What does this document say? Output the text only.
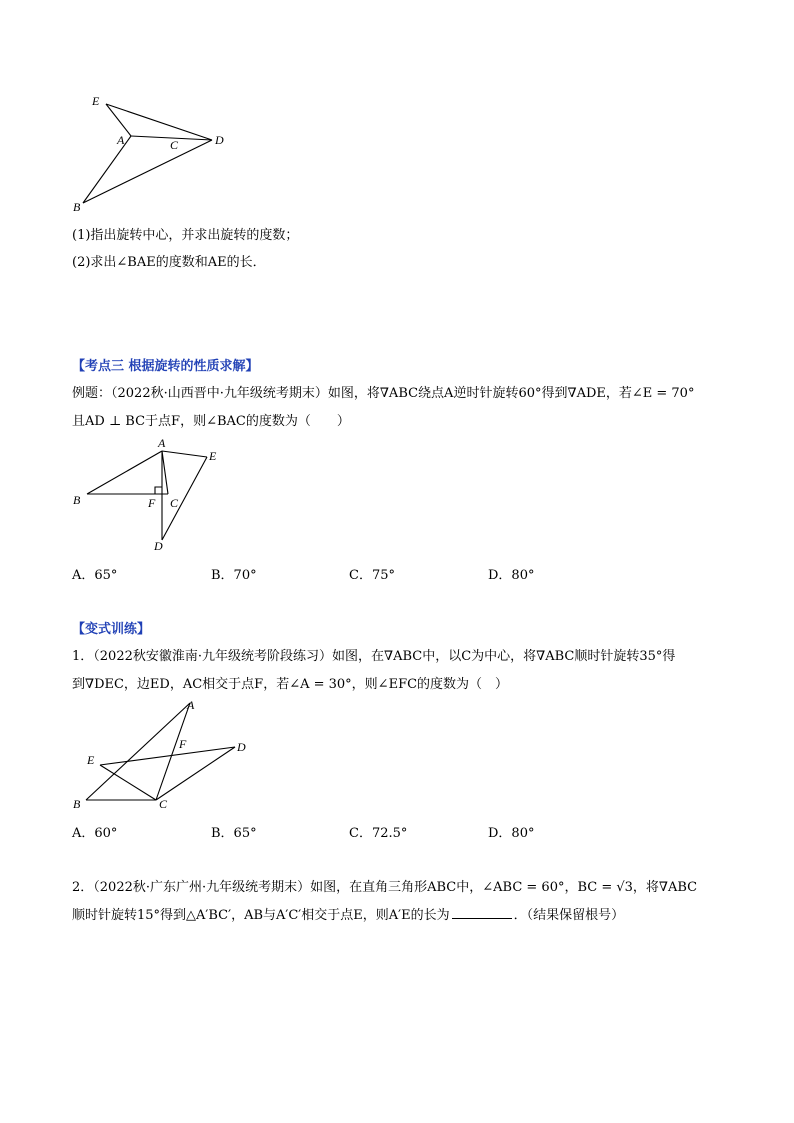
E
A	C	D
B
(1)指出旋转中心，并求出旋转的度数；
(2)求出∠BAE的度数和AE的长．
【考点三 根据旋转的性质求解】
例题：（2022秋·山西晋中·九年级统考期末）如图，将∇ABC绕点A逆时针旋转60°得到∇ADE，若∠E = 70°
且AD ⊥ BC于点F，则∠BAC的度数为（　　）
A
E
B	F C
D
A．65°	B．70°	C．75°	D．80°
【变式训练】
1．（2022秋安徽淮南·九年级统考阶段练习）如图，在∇ABC中，以C为中心，将∇ABC顺时针旋转35°得
到∇DEC，边ED，AC相交于点F，若∠A = 30°，则∠EFC的度数为（　）
A
F	D
E
B	C
A．60°	B．65°	C．72.5°	D．80°
2．（2022秋·广东广州·九年级统考期末）如图，在直角三角形ABC中，∠ABC = 60°，BC = √3，将∇ABC
顺时针旋转15°得到△A′BC′，AB与A′C′相交于点E，则A′E的长为	．（结果保留根号）
